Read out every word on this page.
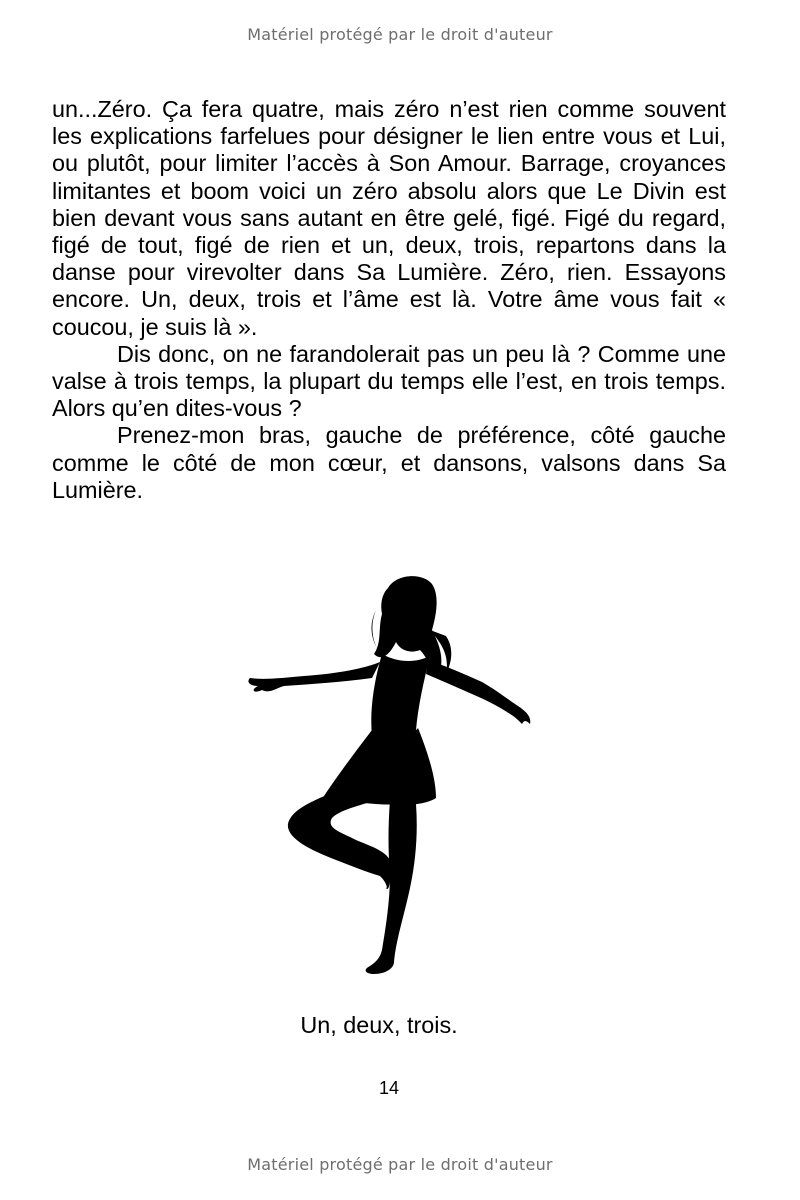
Matériel protégé par le droit d'auteur

un...Zéro. Ça fera quatre, mais zéro n’est rien comme souvent les explications farfelues pour désigner le lien entre vous et Lui, ou plutôt, pour limiter l’accès à Son Amour. Barrage, croyances limitantes et boom voici un zéro absolu alors que Le Divin est bien devant vous sans autant en être gelé, figé. Figé du regard, figé de tout, figé de rien et un, deux, trois, repartons dans la danse pour virevolter dans Sa Lumière. Zéro, rien. Essayons encore. Un, deux, trois et l’âme est là. Votre âme vous fait « coucou, je suis là ».

Dis donc, on ne farandolerait pas un peu là ? Comme une valse à trois temps, la plupart du temps elle l’est, en trois temps. Alors qu’en dites-vous ?

Prenez-mon bras, gauche de préférence, côté gauche comme le côté de mon cœur, et dansons, valsons dans Sa Lumière.

Un, deux, trois.
14
Matériel protégé par le droit d'auteur
